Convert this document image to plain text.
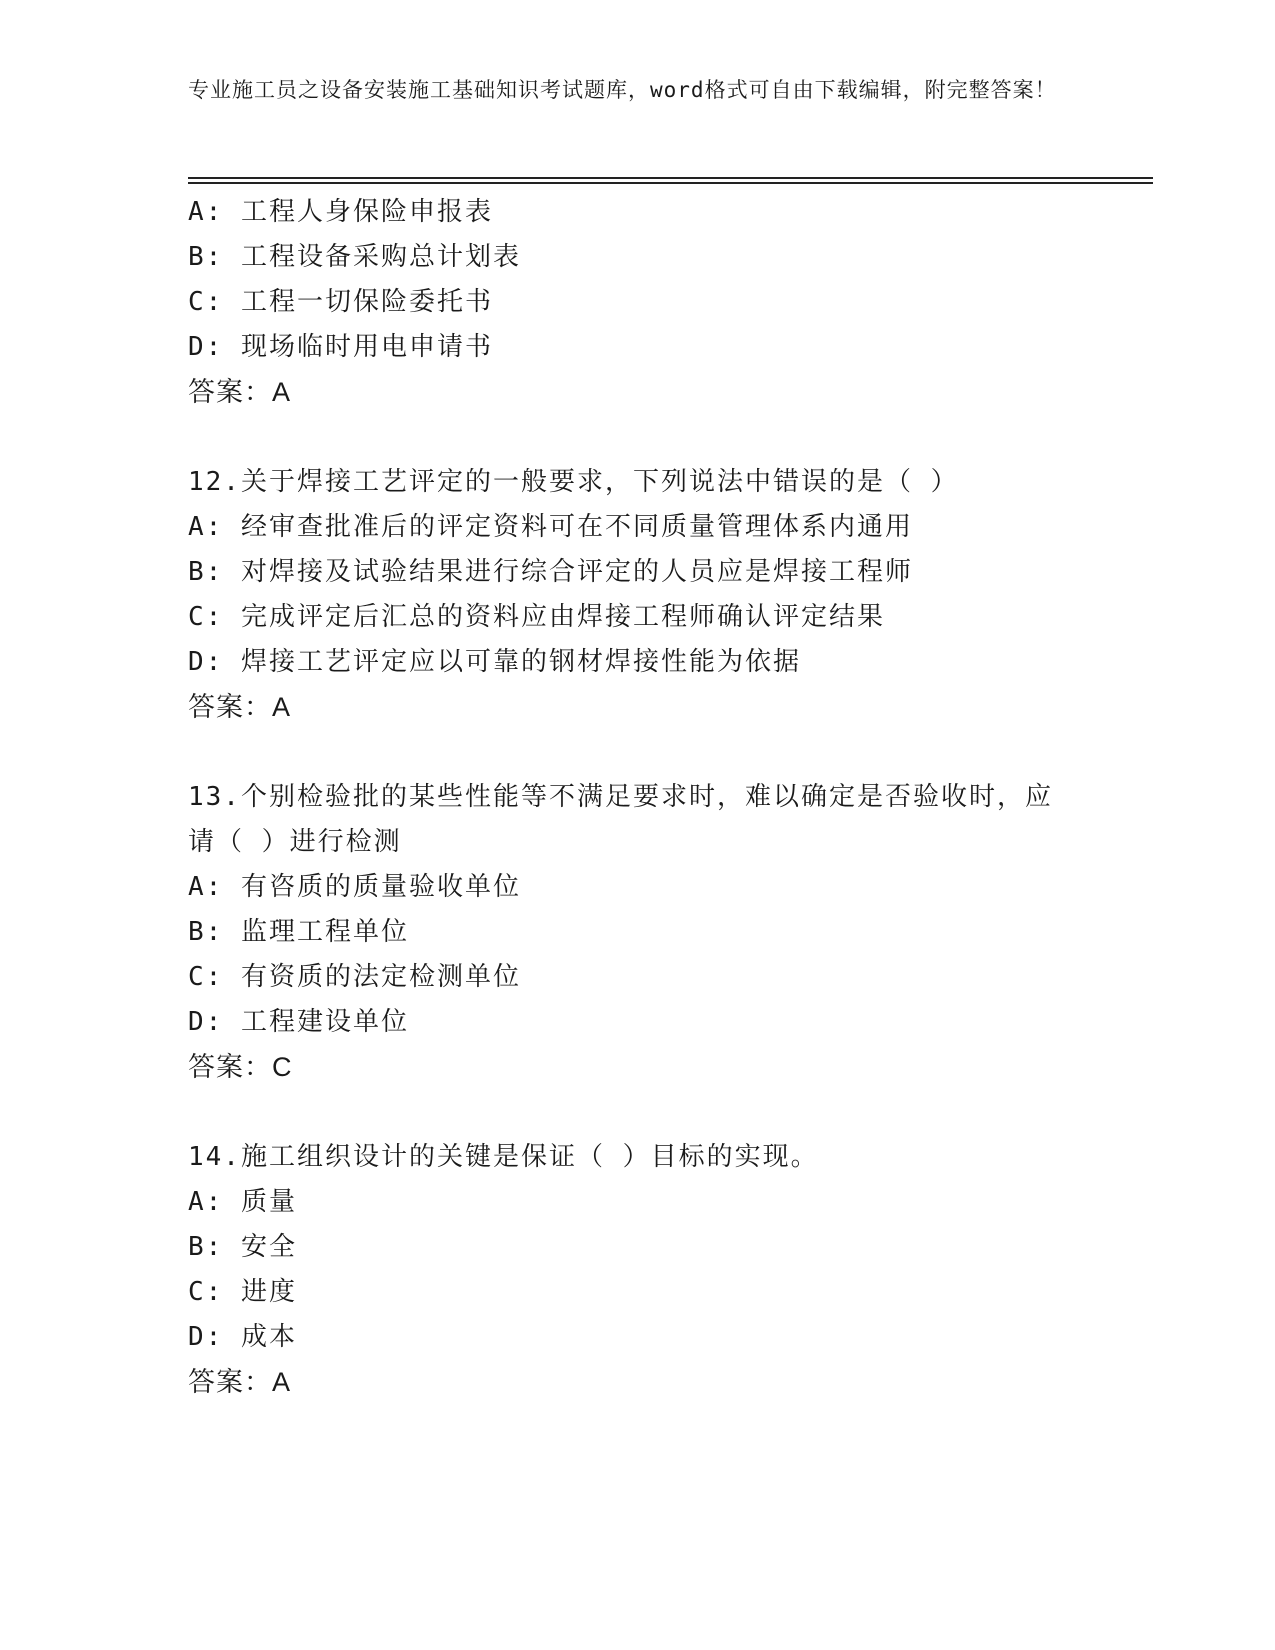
专业施工员之设备安装施工基础知识考试题库，word格式可自由下载编辑，附完整答案！
A: 工程人身保险申报表
B: 工程设备采购总计划表
C: 工程一切保险委托书
D: 现场临时用电申请书
答案：A
12.关于焊接工艺评定的一般要求，下列说法中错误的是（ ）
A: 经审查批准后的评定资料可在不同质量管理体系内通用
B: 对焊接及试验结果进行综合评定的人员应是焊接工程师
C: 完成评定后汇总的资料应由焊接工程师确认评定结果
D: 焊接工艺评定应以可靠的钢材焊接性能为依据
答案：A
13.个别检验批的某些性能等不满足要求时，难以确定是否验收时，应
请（ ）进行检测
A: 有咨质的质量验收单位
B: 监理工程单位
C: 有资质的法定检测单位
D: 工程建设单位
答案：C
14.施工组织设计的关键是保证（ ）目标的实现。
A: 质量
B: 安全
C: 进度
D: 成本
答案：A
